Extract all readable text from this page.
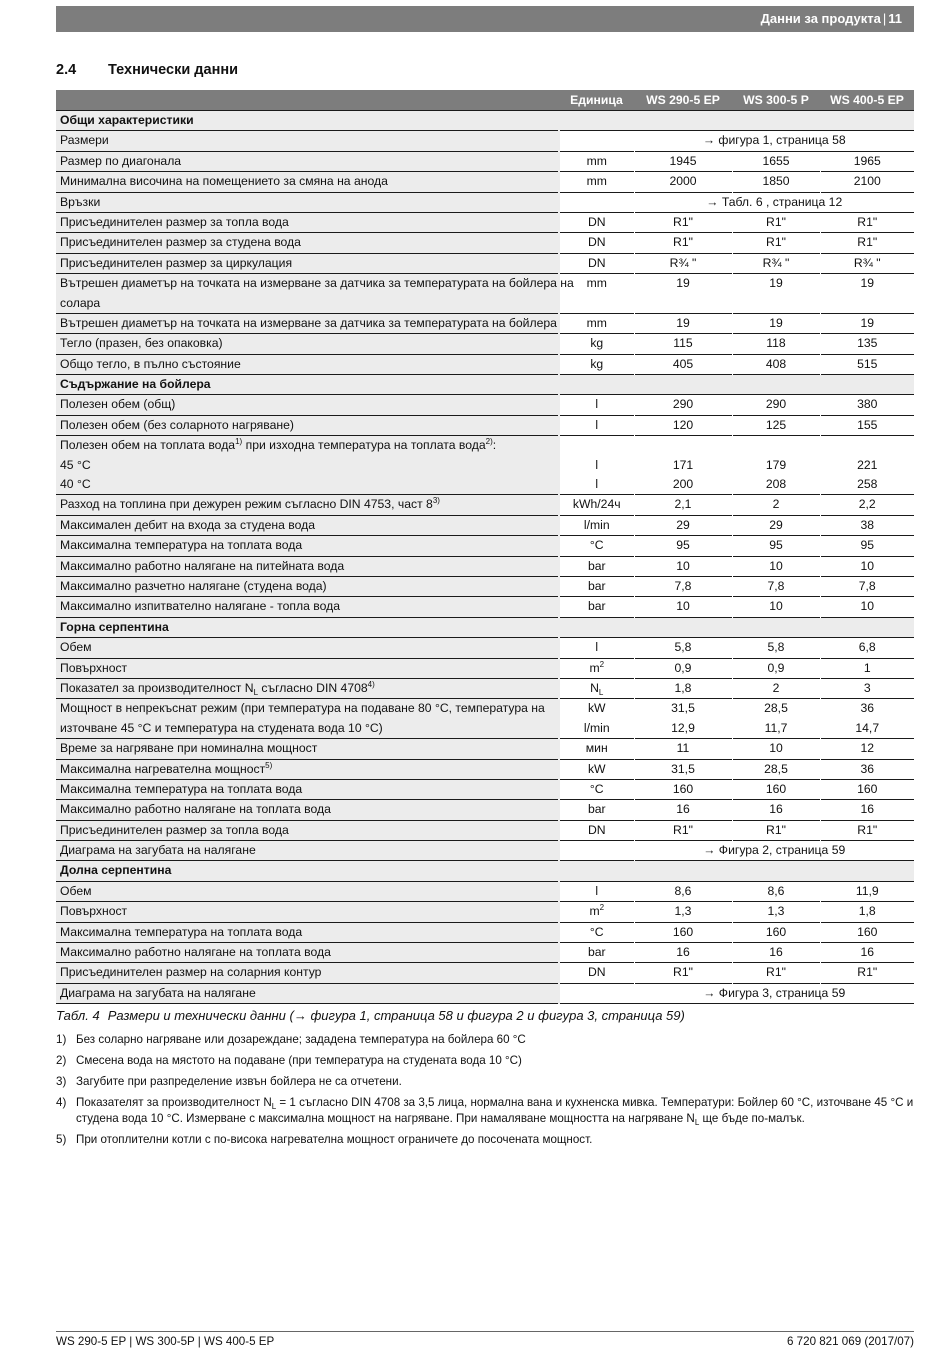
Данни за продукта | 11
2.4 Технически данни
	Единица	WS 290-5 EP	WS 300-5 P	WS 400-5 EP
Общи характеристики				
Размери		→ фигура 1, страница 58		
Размер по диагонала	mm	1945	1655	1965
Минимална височина на помещението за смяна на анода	mm	2000	1850	2100
Връзки		→ Табл. 6 , страница 12		
Присъединителен размер за топла вода	DN	R1"	R1"	R1"
Присъединителен размер за студена вода	DN	R1"	R1"	R1"
Присъединителен размер за циркулация	DN	R¾ "	R¾ "	R¾ "
Вътрешен диаметър на точката на измерване за датчика за температурата на бойлера на	mm	19	19	19
солара				
Вътрешен диаметър на точката на измерване за датчика за температурата на бойлера	mm	19	19	19
Тегло (празен, без опаковка)	kg	115	118	135
Общо тегло, в пълно състояние	kg	405	408	515
Съдържание на бойлера				
Полезен обем (общ)	l	290	290	380
Полезен обем (без соларното нагряване)	l	120	125	155
Полезен обем на топлата вода$^{1)}$ при изходна температура на топлата вода$^{2)}$:				
45 °C	l	171	179	221
40 °C	l	200	208	258
Разход на топлина при дежурен режим съгласно DIN 4753, част 8$^{3)}$	kWh/24ч	2,1	2	2,2
Максимален дебит на входа за студена вода	l/min	29	29	38
Максимална температура на топлата вода	°C	95	95	95
Максимално работно налягане на питейната вода	bar	10	10	10
Максимално разчетно налягане (студена вода)	bar	7,8	7,8	7,8
Максимално изпитвателно налягане - топла вода	bar	10	10	10
Горна серпентина				
Обем	l	5,8	5,8	6,8
Повърхност	$m^2$	0,9	0,9	1
Показател за производителност $N_L$ съгласно DIN 4708$^{4)}$	$N_L$	1,8	2	3
Мощност в непрекъснат режим (при температура на подаване 80 °C, температура на	kW	31,5	28,5	36
източване 45 °C и температура на студената вода 10 °C)	l/min	12,9	11,7	14,7
Време за нагряване при номинална мощност	мин	11	10	12
Максимална нагревателна мощност$^{5)}$	kW	31,5	28,5	36
Максимална температура на топлата вода	°C	160	160	160
Максимално работно налягане на топлата вода	bar	16	16	16
Присъединителен размер за топла вода	DN	R1"	R1"	R1"
Диаграма на загубата на налягане		→ Фигура 2, страница 59		
Долна серпентина				
Обем	l	8,6	8,6	11,9
Повърхност	$m^2$	1,3	1,3	1,8
Максимална температура на топлата вода	°C	160	160	160
Максимално работно налягане на топлата вода	bar	16	16	16
Присъединителен размер на соларния контур	DN	R1"	R1"	R1"
Диаграма на загубата на налягане		→ Фигура 3, страница 59		
Табл. 4 Размери и технически данни (→ фигура 1, страница 58 и фигура 2 и фигура 3, страница 59)
1) Без соларно нагряване или дозареждане; зададена температура на бойлера 60 °C
2) Смесена вода на мястото на подаване (при температура на студената вода 10 °C)
3) Загубите при разпределение извън бойлера не са отчетени.
4) Показателят за производителност $N_L = 1$ съгласно DIN 4708 за 3,5 лица, нормална вана и кухненска мивка. Температури: Бойлер 60 °C, източване 45 °C и студена вода 10 °C. Измерване с максимална мощност на нагряване. При намаляване мощността на нагряване $N_L$ ще бъде по-малък.
5) При отоплителни котли с по-висока нагревателна мощност ограничете до посочената мощност.
WS 290-5 EP | WS 300-5P | WS 400-5 EP	6 720 821 069 (2017/07)
